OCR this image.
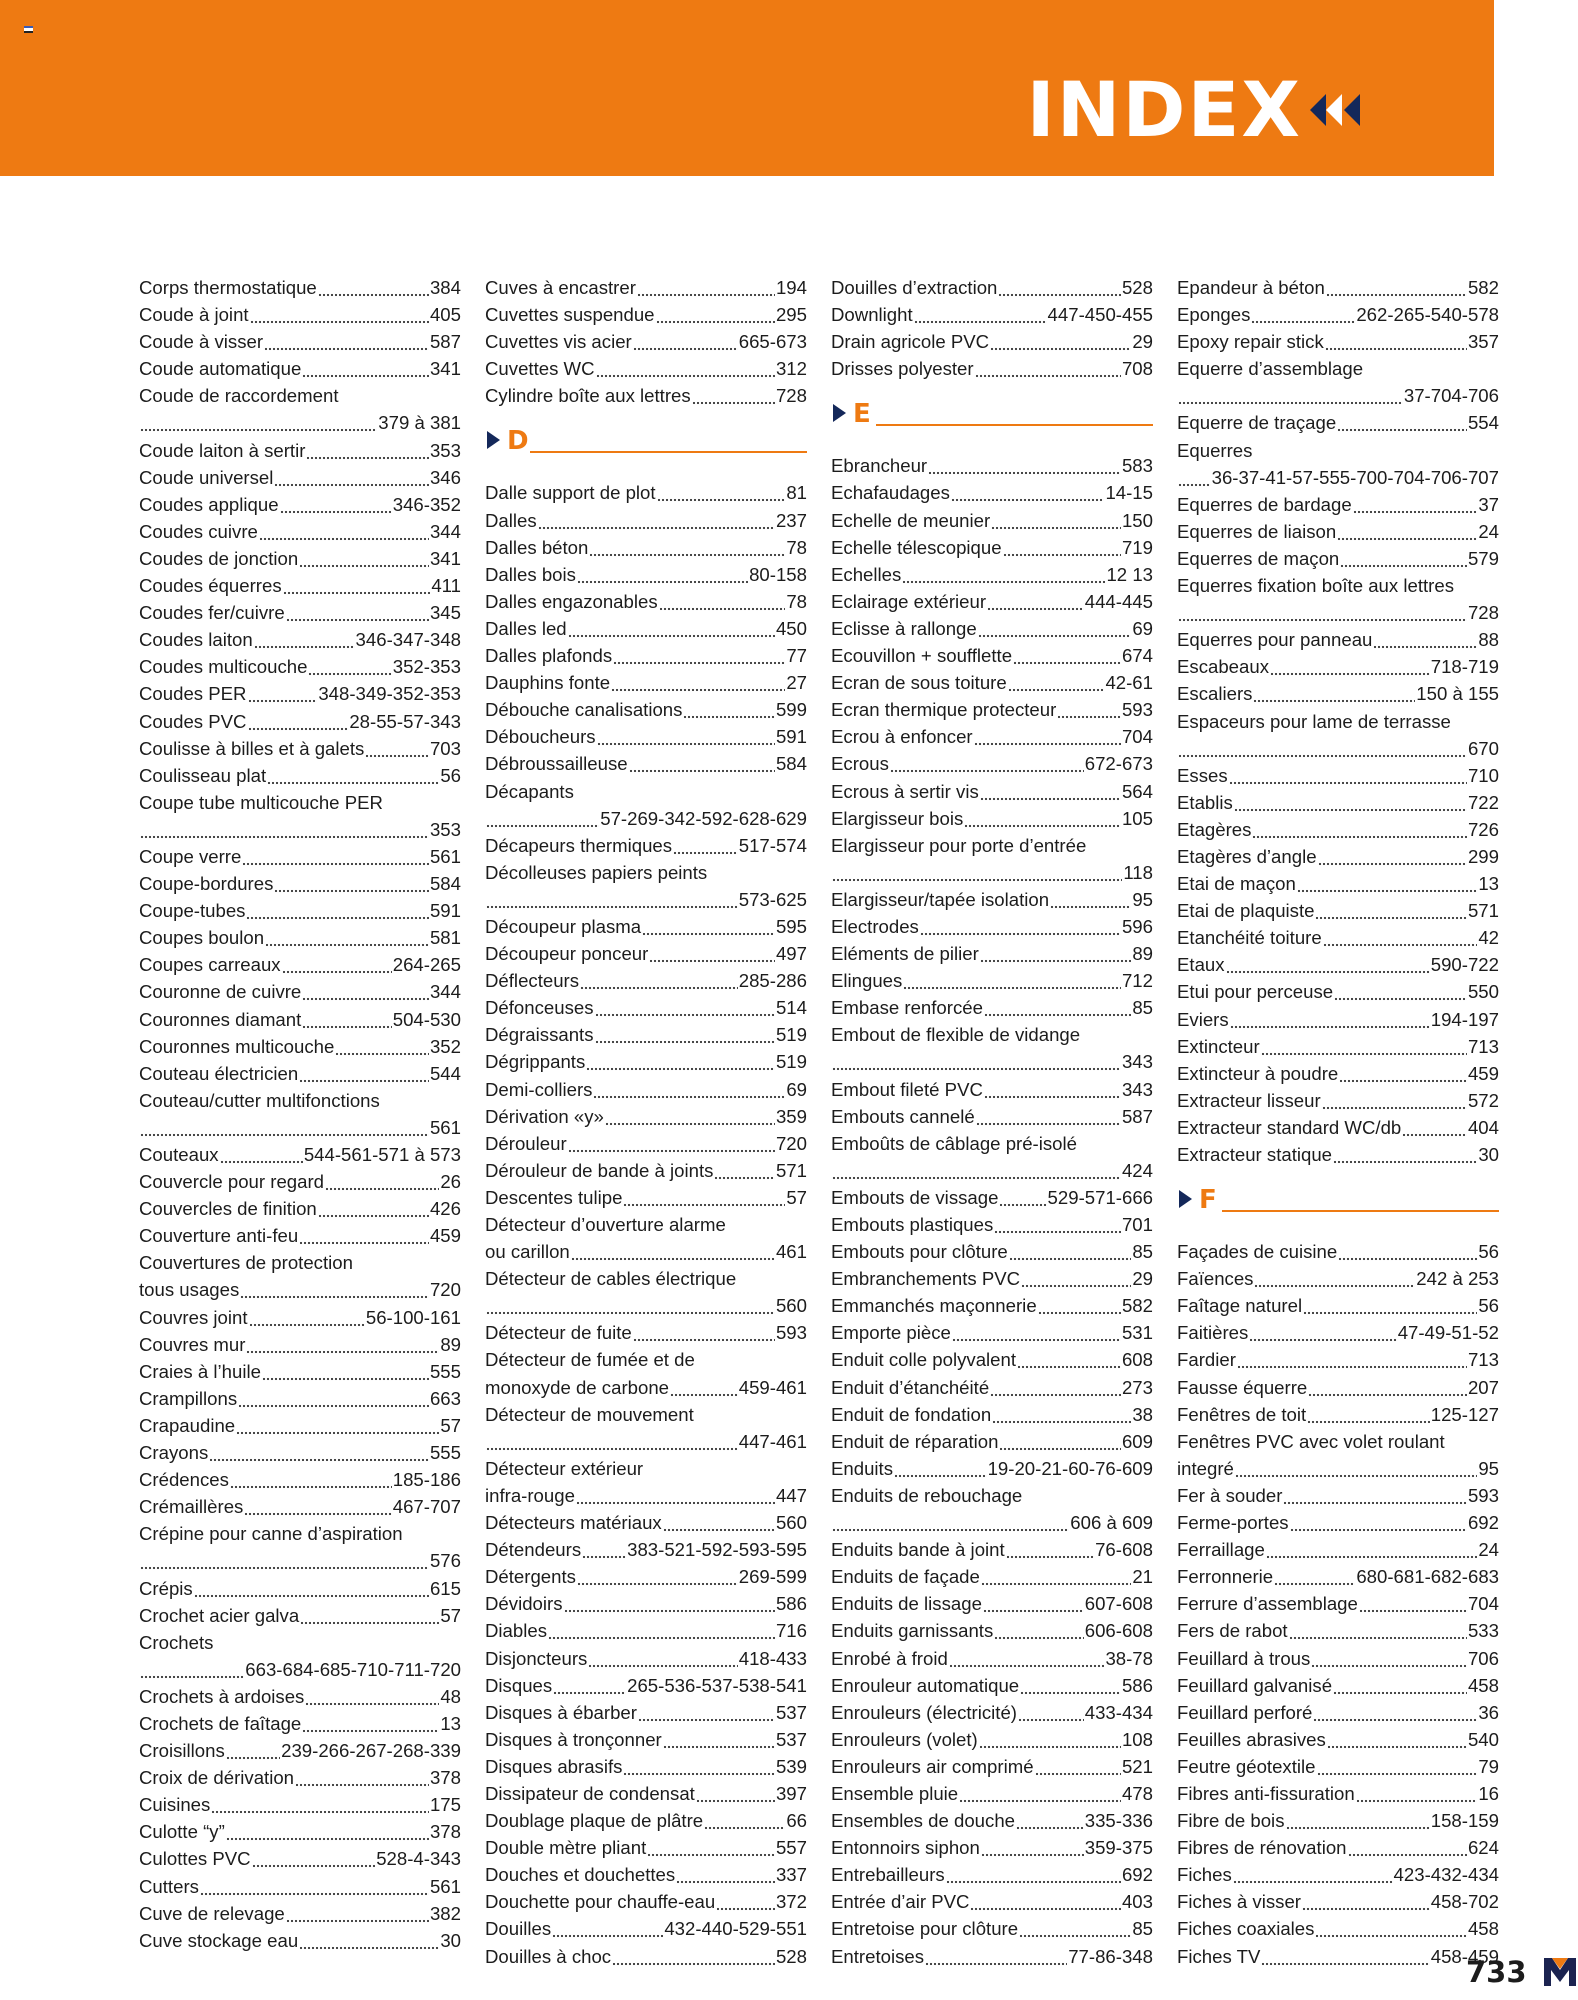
INDEX
Corps thermostatique	384
Coude à joint	405
Coude à visser	587
Coude automatique	341
Coude de raccordement
379 à 381
Coude laiton à sertir	353
Coude universel	346
Coudes applique	346-352
Coudes cuivre	344
Coudes de jonction	341
Coudes équerres	411
Coudes fer/cuivre	345
Coudes laiton	346-347-348
Coudes multicouche	352-353
Coudes PER	348-349-352-353
Coudes PVC	28-55-57-343
Coulisse à billes et à galets	703
Coulisseau plat	56
Coupe tube multicouche PER
353
Coupe verre	561
Coupe-bordures	584
Coupe-tubes	591
Coupes boulon	581
Coupes carreaux	264-265
Couronne de cuivre	344
Couronnes diamant	504-530
Couronnes multicouche	352
Couteau électricien	544
Couteau/cutter multifonctions
561
Couteaux	544-561-571 à 573
Couvercle pour regard	26
Couvercles de finition	426
Couverture anti-feu	459
Couvertures de protection
tous usages	720
Couvres joint	56-100-161
Couvres mur	89
Craies à l’huile	555
Crampillons	663
Crapaudine	57
Crayons	555
Crédences	185-186
Crémaillères	467-707
Crépine pour canne d’aspiration
576
Crépis	615
Crochet acier galva	57
Crochets
663-684-685-710-711-720
Crochets à ardoises	48
Crochets de faîtage	13
Croisillons	239-266-267-268-339
Croix de dérivation	378
Cuisines	175
Culotte “y”	378
Culottes PVC	528-4-343
Cutters	561
Cuve de relevage	382
Cuve stockage eau	30
Cuves à encastrer	194
Cuvettes suspendue	295
Cuvettes vis acier	665-673
Cuvettes WC	312
Cylindre boîte aux lettres	728
D
Dalle support de plot	81
Dalles	237
Dalles béton	78
Dalles bois	80-158
Dalles engazonables	78
Dalles led	450
Dalles plafonds	77
Dauphins fonte	27
Débouche canalisations	599
Déboucheurs	591
Débroussailleuse	584
Décapants
57-269-342-592-628-629
Décapeurs thermiques	517-574
Décolleuses papiers peints
573-625
Découpeur plasma	595
Découpeur ponceur	497
Déflecteurs	285-286
Défonceuses	514
Dégraissants	519
Dégrippants	519
Demi-colliers	69
Dérivation «y»	359
Dérouleur	720
Dérouleur de bande à joints	571
Descentes tulipe	57
Détecteur d’ouverture alarme
ou carillon	461
Détecteur de cables électrique
560
Détecteur de fuite	593
Détecteur de fumée et de
monoxyde de carbone	459-461
Détecteur de mouvement
447-461
Détecteur extérieur
infra-rouge	447
Détecteurs matériaux	560
Détendeurs 383-521-592-593-595
Détergents	269-599
Dévidoirs	586
Diables	716
Disjoncteurs	418-433
Disques	265-536-537-538-541
Disques à ébarber	537
Disques à tronçonner	537
Disques abrasifs	539
Dissipateur de condensat	397
Doublage plaque de plâtre	66
Double mètre pliant	557
Douches et douchettes	337
Douchette pour chauffe-eau	372
Douilles	432-440-529-551
Douilles à choc	528
Douilles d’extraction	528
Downlight	447-450-455
Drain agricole PVC	29
Drisses polyester	708
E
Ebrancheur	583
Echafaudages	14-15
Echelle de meunier	150
Echelle télescopique	719
Echelles	12 13
Eclairage extérieur	444-445
Eclisse à rallonge	69
Ecouvillon + soufflette	674
Ecran de sous toiture	42-61
Ecran thermique protecteur	593
Ecrou à enfoncer	704
Ecrous	672-673
Ecrous à sertir vis	564
Elargisseur bois	105
Elargisseur pour porte d’entrée
118
Elargisseur/tapée isolation	95
Electrodes	596
Eléments de pilier	89
Elingues	712
Embase renforcée	85
Embout de flexible de vidange
343
Embout fileté PVC	343
Embouts cannelé	587
Emboûts de câblage pré-isolé
424
Embouts de vissage	529-571-666
Embouts plastiques	701
Embouts pour clôture	85
Embranchements PVC	29
Emmanchés maçonnerie	582
Emporte pièce	531
Enduit colle polyvalent	608
Enduit d’étanchéité	273
Enduit de fondation	38
Enduit de réparation	609
Enduits	19-20-21-60-76-609
Enduits de rebouchage
606 à 609
Enduits bande à joint	76-608
Enduits de façade	21
Enduits de lissage	607-608
Enduits garnissants	606-608
Enrobé à froid	38-78
Enrouleur automatique	586
Enrouleurs (électricité)	433-434
Enrouleurs (volet)	108
Enrouleurs air comprimé	521
Ensemble pluie	478
Ensembles de douche	335-336
Entonnoirs siphon	359-375
Entrebailleurs	692
Entrée d’air PVC	403
Entretoise pour clôture	85
Entretoises	77-86-348
Epandeur à béton	582
Eponges	262-265-540-578
Epoxy repair stick	357
Equerre d’assemblage
37-704-706
Equerre de traçage	554
Equerres
36-37-41-57-555-700-704-706-707
Equerres de bardage	37
Equerres de liaison	24
Equerres de maçon	579
Equerres fixation boîte aux lettres
728
Equerres pour panneau	88
Escabeaux	718-719
Escaliers	150 à 155
Espaceurs pour lame de terrasse
670
Esses	710
Etablis	722
Etagères	726
Etagères d’angle	299
Etai de maçon	13
Etai de plaquiste	571
Etanchéité toiture	42
Etaux	590-722
Etui pour perceuse	550
Eviers	194-197
Extincteur	713
Extincteur à poudre	459
Extracteur lisseur	572
Extracteur standard WC/db	404
Extracteur statique	30
F
Façades de cuisine	56
Faïences	242 à 253
Faîtage naturel	56
Faitières	47-49-51-52
Fardier	713
Fausse équerre	207
Fenêtres de toit	125-127
Fenêtres PVC avec volet roulant
integré	95
Fer à souder	593
Ferme-portes	692
Ferraillage	24
Ferronnerie	680-681-682-683
Ferrure d’assemblage	704
Fers de rabot	533
Feuillard à trous	706
Feuillard galvanisé	458
Feuillard perforé	36
Feuilles abrasives	540
Feutre géotextile	79
Fibres anti-fissuration	16
Fibre de bois	158-159
Fibres de rénovation	624
Fiches	423-432-434
Fiches à visser	458-702
Fiches coaxiales	458
Fiches TV	458-459
733
